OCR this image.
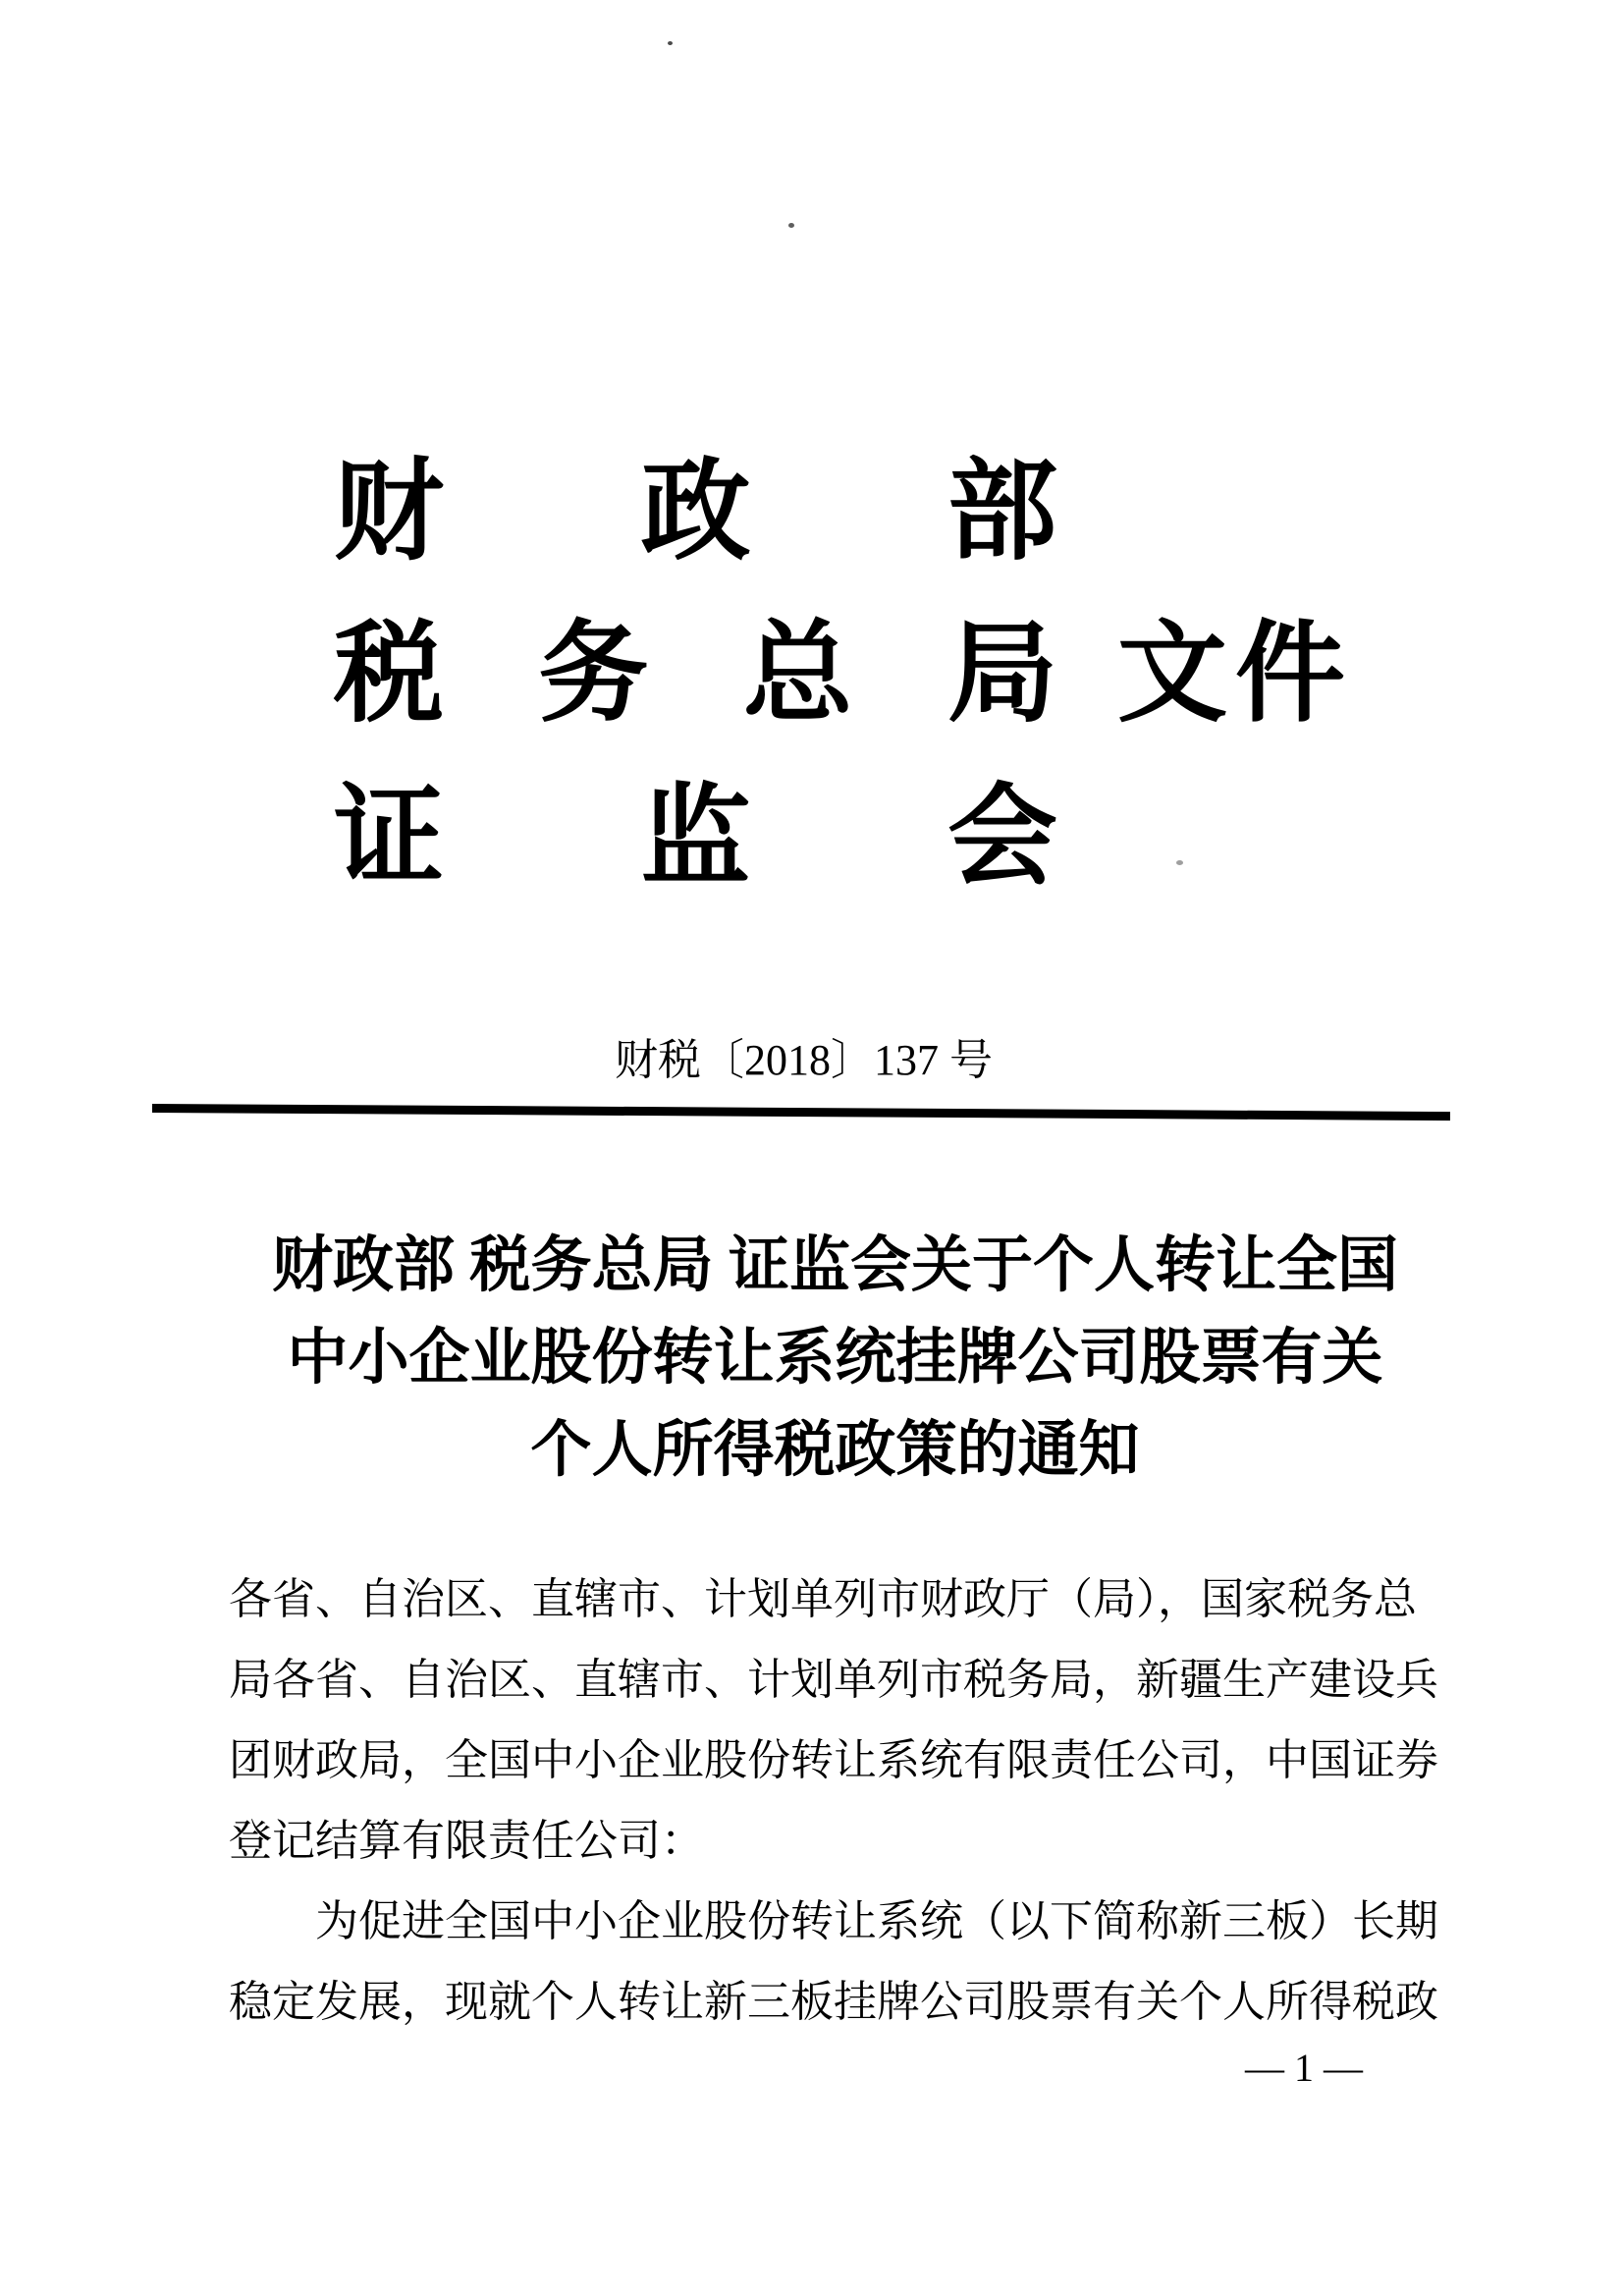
财 政 部
税 务 总 局 文件
证 监 会
财税〔2018〕137 号
财政部 税务总局 证监会关于个人转让全国
中小企业股份转让系统挂牌公司股票有关
个人所得税政策的通知
各省、自治区、直辖市、计划单列市财政厅（局），国家税务总
局各省、自治区、直辖市、计划单列市税务局，新疆生产建设兵
团财政局，全国中小企业股份转让系统有限责任公司，中国证券
登记结算有限责任公司：
为促进全国中小企业股份转让系统（以下简称新三板）长期
稳定发展，现就个人转让新三板挂牌公司股票有关个人所得税政
— 1 —
